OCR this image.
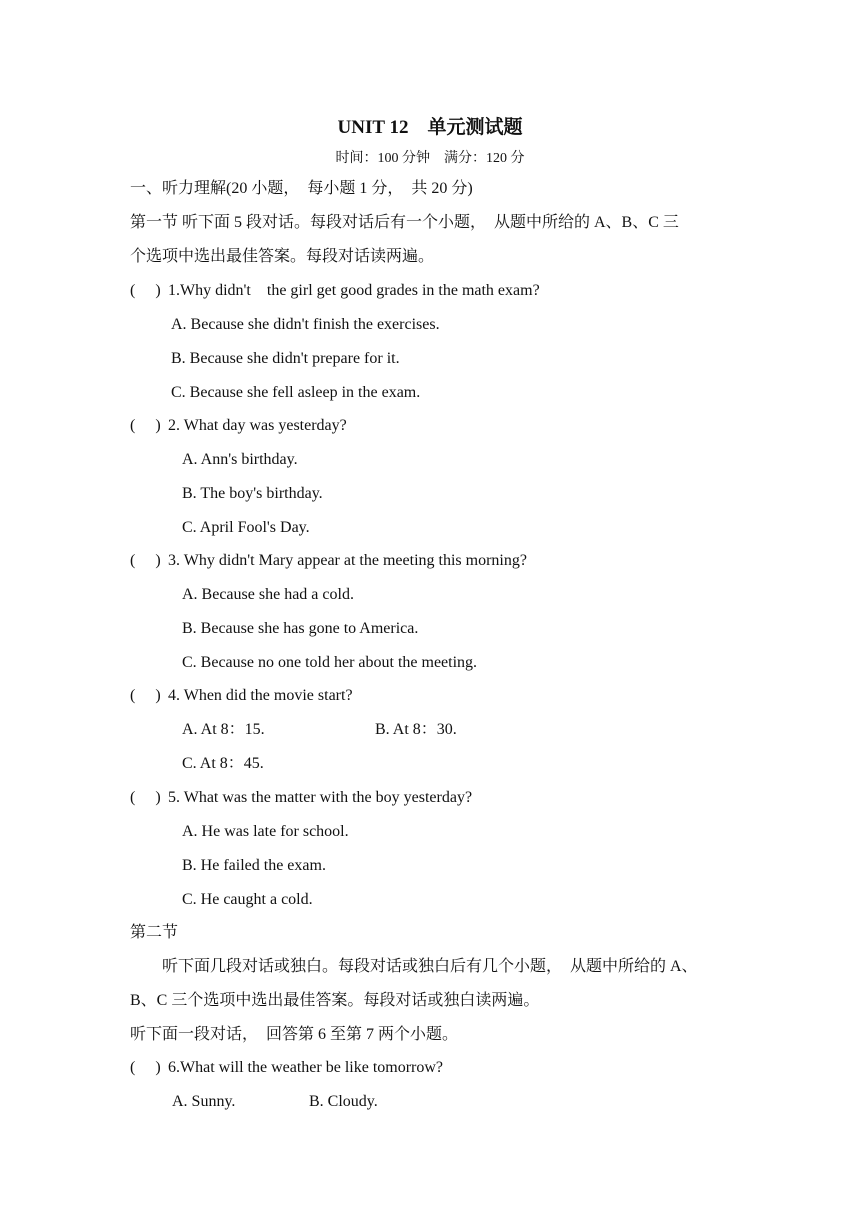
UNIT 12　单元测试题
时间：100 分钟　满分：120 分
一、听力理解(20 小题，　每小题 1 分，　共 20 分)
第一节 听下面 5 段对话。每段对话后有一个小题，　从题中所给的 A、B、C 三
个选项中选出最佳答案。每段对话读两遍。
(　 ) 1.Why didn't　the girl get good grades in the math exam?
A. Because she didn't finish the exercises.
B. Because she didn't prepare for it.
C. Because she fell asleep in the exam.
(　 ) 2. What day was yesterday?
A. Ann's birthday.
B. The boy's birthday.
C. April Fool's Day.
(　 ) 3. Why didn't Mary appear at the meeting this morning?
A. Because she had a cold.
B. Because she has gone to America.
C. Because no one told her about the meeting.
(　 ) 4. When did the movie start?
A. At 8：15.	B. At 8：30.
C. At 8：45.
(　 ) 5. What was the matter with the boy yesterday?
A. He was late for school.
B. He failed the exam.
C. He caught a cold.
第二节
听下面几段对话或独白。每段对话或独白后有几个小题，　从题中所给的 A、
B、C 三个选项中选出最佳答案。每段对话或独白读两遍。
听下面一段对话，　回答第 6 至第 7 两个小题。
(　 ) 6.What will the weather be like tomorrow?
A. Sunny.	B. Cloudy.
